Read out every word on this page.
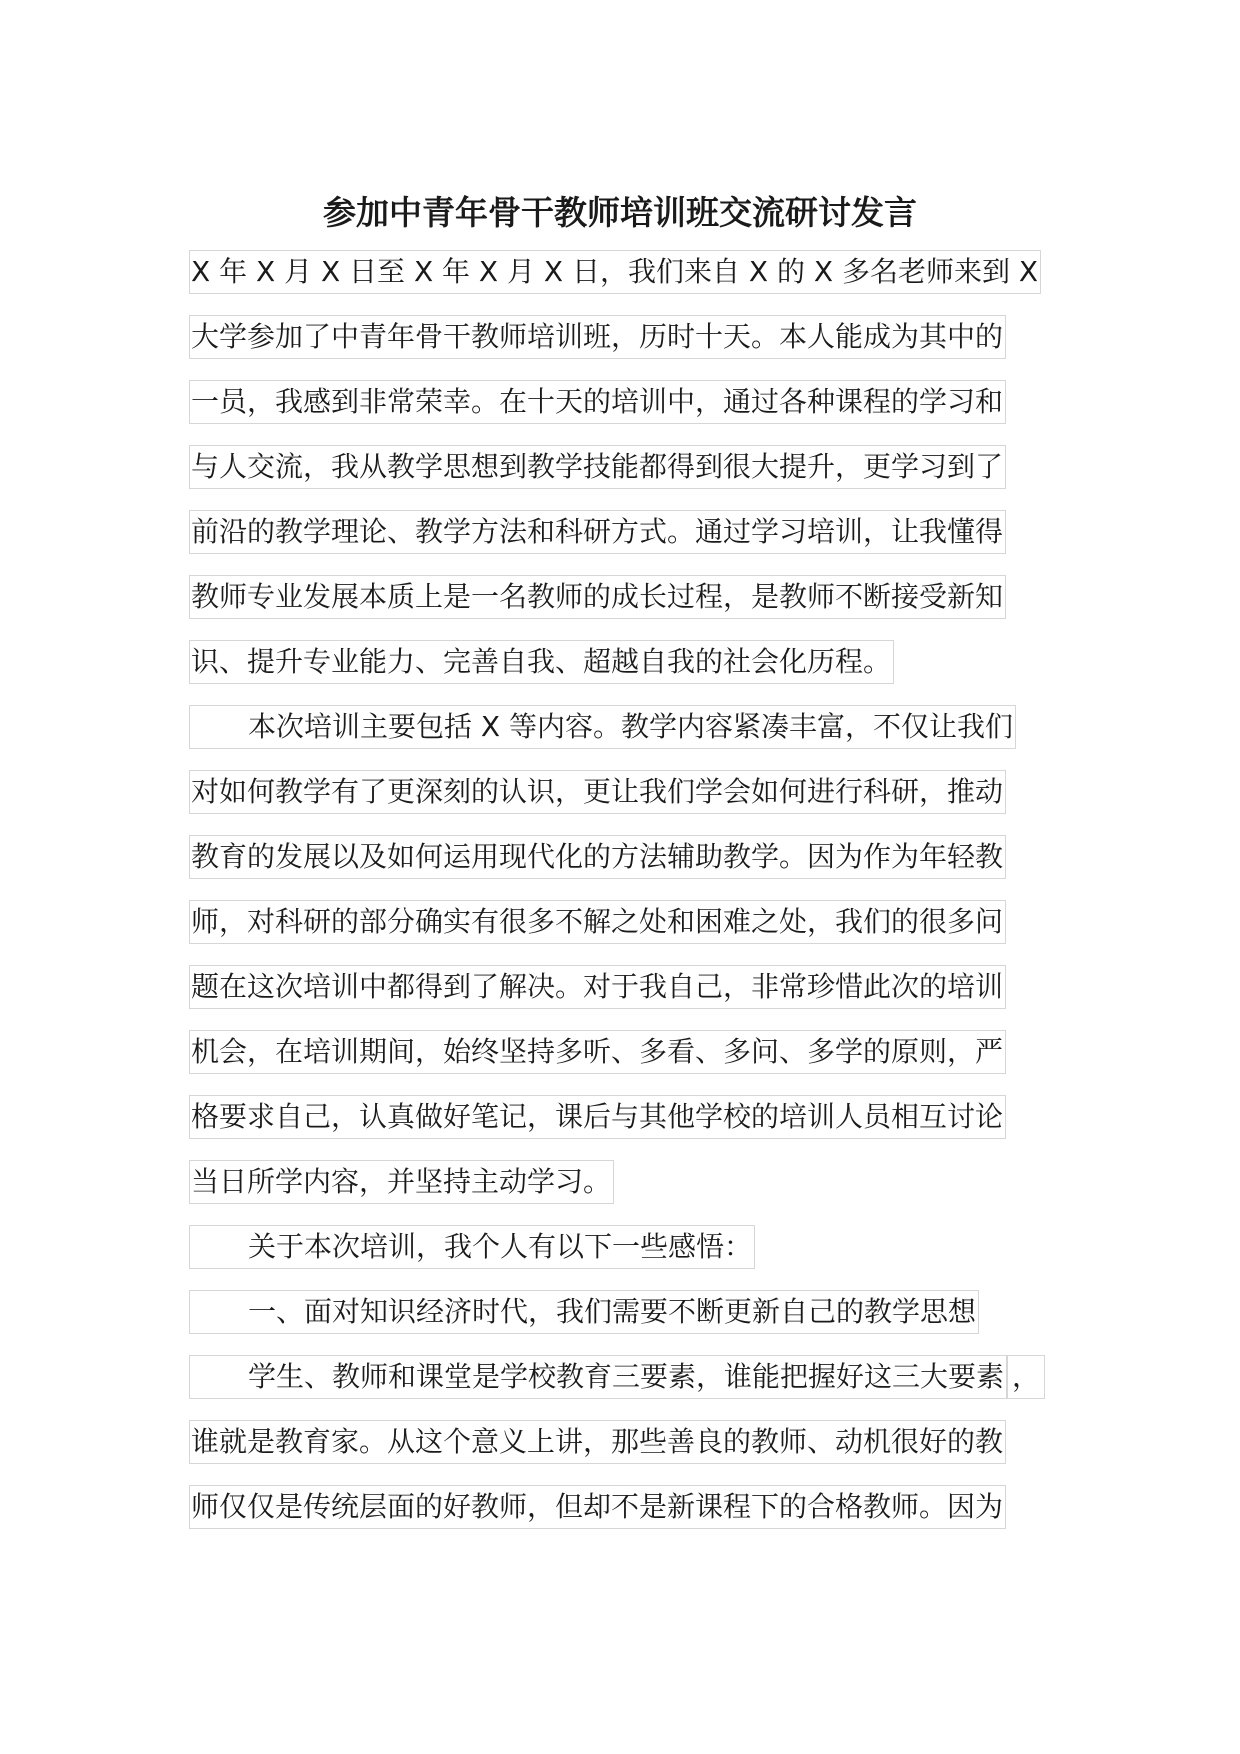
参加中青年骨干教师培训班交流研讨发言
X 年 X 月 X 日至 X 年 X 月 X 日，我们来自 X 的 X 多名老师来到 X
大学参加了中青年骨干教师培训班，历时十天。本人能成为其中的
一员，我感到非常荣幸。在十天的培训中，通过各种课程的学习和
与人交流，我从教学思想到教学技能都得到很大提升，更学习到了
前沿的教学理论、教学方法和科研方式。通过学习培训，让我懂得
教师专业发展本质上是一名教师的成长过程，是教师不断接受新知
识、提升专业能力、完善自我、超越自我的社会化历程。
本次培训主要包括 X 等内容。教学内容紧凑丰富，不仅让我们
对如何教学有了更深刻的认识，更让我们学会如何进行科研，推动
教育的发展以及如何运用现代化的方法辅助教学。因为作为年轻教
师，对科研的部分确实有很多不解之处和困难之处，我们的很多问
题在这次培训中都得到了解决。对于我自己，非常珍惜此次的培训
机会，在培训期间，始终坚持多听、多看、多问、多学的原则，严
格要求自己，认真做好笔记，课后与其他学校的培训人员相互讨论
当日所学内容，并坚持主动学习。
关于本次培训，我个人有以下一些感悟：
一、面对知识经济时代，我们需要不断更新自己的教学思想
学生、教师和课堂是学校教育三要素，谁能把握好这三大要素 ，
谁就是教育家。从这个意义上讲，那些善良的教师、动机很好的教
师仅仅是传统层面的好教师，但却不是新课程下的合格教师。因为
